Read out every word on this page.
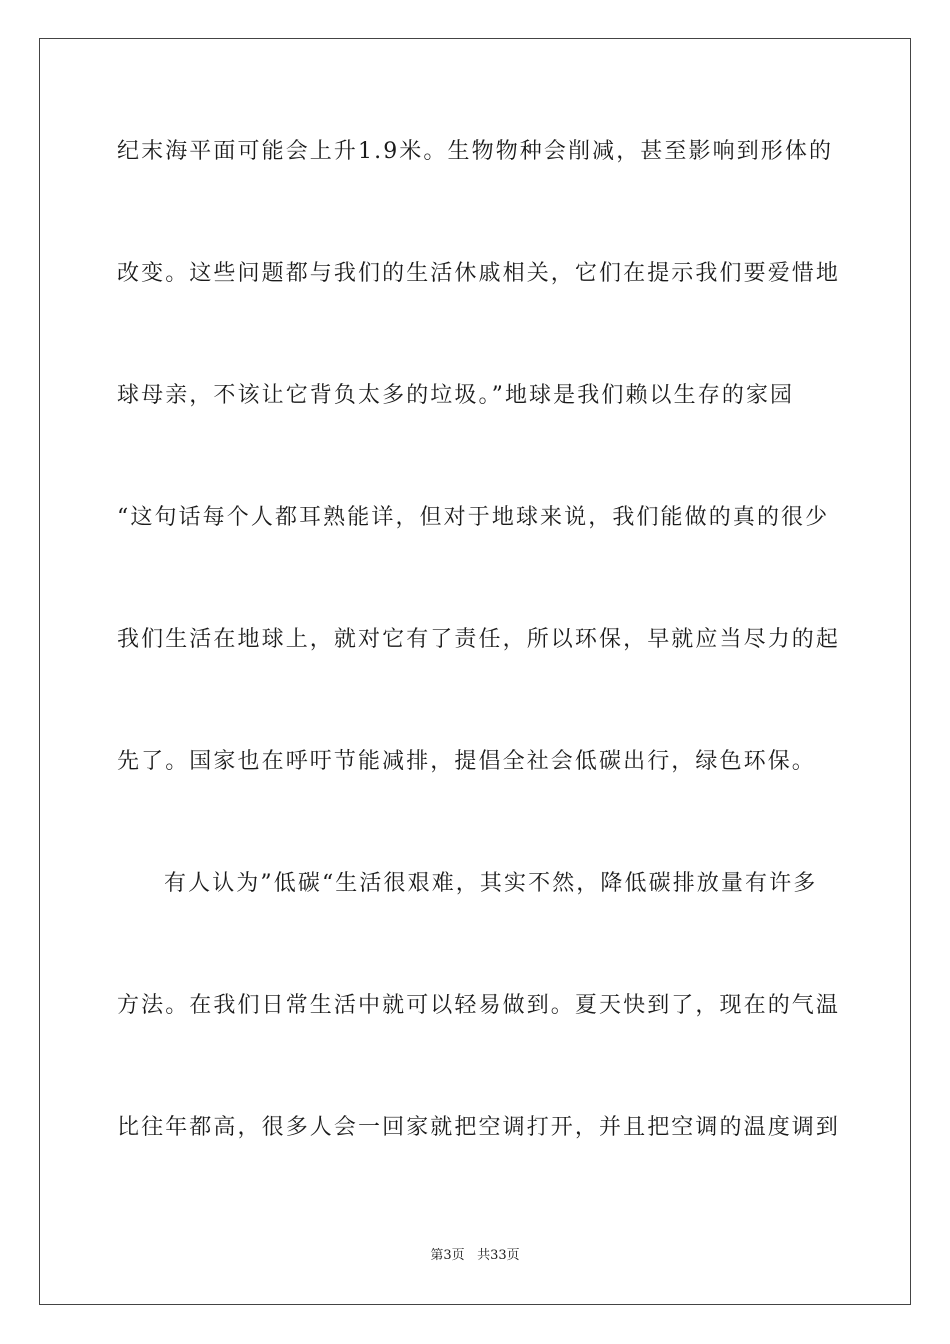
纪末海平面可能会上升1.9米。生物物种会削减，甚至影响到形体的
改变。这些问题都与我们的生活休戚相关，它们在提示我们要爱惜地
球母亲，不该让它背负太多的垃圾。”地球是我们赖以生存的家园
“这句话每个人都耳熟能详，但对于地球来说，我们能做的真的很少
我们生活在地球上，就对它有了责任，所以环保，早就应当尽力的起
先了。国家也在呼吁节能减排，提倡全社会低碳出行，绿色环保。
有人认为”低碳“生活很艰难，其实不然，降低碳排放量有许多
方法。在我们日常生活中就可以轻易做到。夏天快到了，现在的气温
比往年都高，很多人会一回家就把空调打开，并且把空调的温度调到
第3页 共33页
